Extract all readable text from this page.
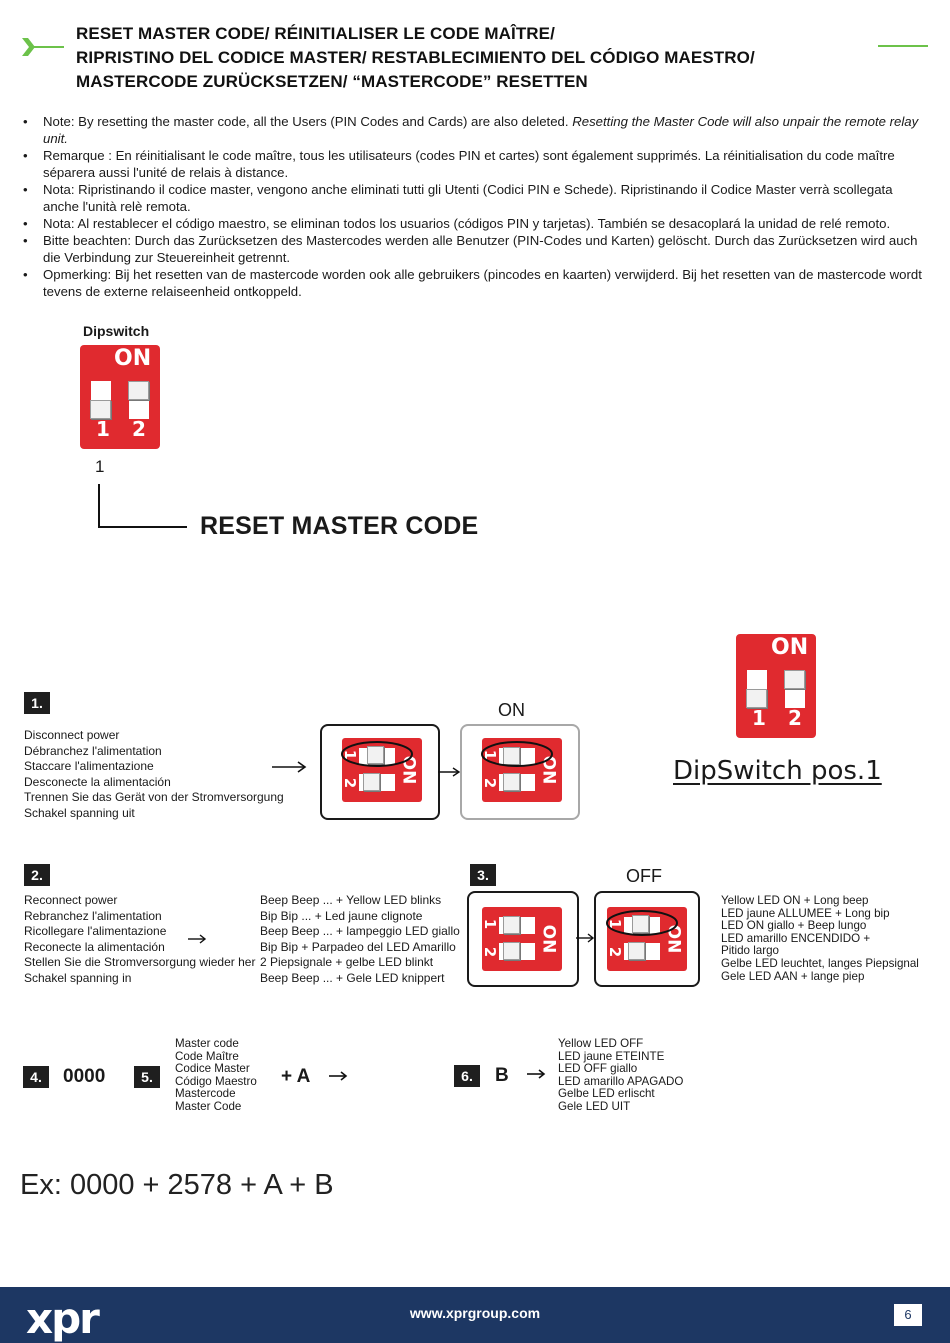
RESET MASTER CODE/ RÉINITIALISER LE CODE MAÎTRE/
RIPRISTINO DEL CODICE MASTER/ RESTABLECIMIENTO DEL CÓDIGO MAESTRO/
MASTERCODE ZURÜCKSETZEN/ “MASTERCODE” RESETTEN
• Note: By resetting the master code, all the Users (PIN Codes and Cards) are also deleted. Resetting the Master Code will also unpair the remote relay unit.
• Remarque : En réinitialisant le code maître, tous les utilisateurs (codes PIN et cartes) sont également supprimés. La réinitialisation du code maître séparera aussi l'unité de relais à distance.
• Nota: Ripristinando il codice master, vengono anche eliminati tutti gli Utenti (Codici PIN e Schede). Ripristinando il Codice Master verrà scollegata anche l'unità relè remota.
• Nota: Al restablecer el código maestro, se eliminan todos los usuarios (códigos PIN y tarjetas). También se desacoplará la unidad de relé remoto.
• Bitte beachten: Durch das Zurücksetzen des Mastercodes werden alle Benutzer (PIN-Codes und Karten) gelöscht. Durch das Zurücksetzen wird auch die Verbindung zur Steuereinheit getrennt.
• Opmerking: Bij het resetten van de mastercode worden ook alle gebruikers (pincodes en kaarten) verwijderd. Bij het resetten van de mastercode wordt tevens de externe relaiseenheid ontkoppeld.
Dipswitch
ON
1 2
1
RESET MASTER CODE
1.
Disconnect power
Débranchez l'alimentation
Staccare l'alimentazione
Desconecte la alimentación
Trennen Sie das Gerät von der Stromversorgung
Schakel spanning uit
1
2 ON
ON
1
2 ON
ON
1 2
DipSwitch pos.1
2.
Reconnect power
Rebranchez l'alimentation
Ricollegare l'alimentazione
Reconecte la alimentación
Stellen Sie die Stromversorgung wieder her
Schakel spanning in
Beep Beep ... + Yellow LED blinks
Bip Bip ... + Led jaune clignote
Beep Beep ... + lampeggio LED giallo
Bip Bip + Parpadeo del LED Amarillo
2 Piepsignale + gelbe LED blinkt
Beep Beep ... + Gele LED knippert
3.
1
2 ON
OFF
1
2 ON
Yellow LED ON + Long beep
LED jaune ALLUMEE + Long bip
LED ON giallo + Beep lungo
LED amarillo ENCENDIDO +
Pitido largo
Gelbe LED leuchtet, langes Piepsignal
Gele LED AAN + lange piep
4.	0000	5.
Master code
Code Maître
Codice Master
Código Maestro
Mastercode
Master Code
+ A	6.	B
Yellow LED OFF
LED jaune ETEINTE
LED OFF giallo
LED amarillo APAGADO
Gelbe LED erlischt
Gele LED UIT
Ex: 0000 + 2578 + A + B
xpr	www.xprgroup.com	6
